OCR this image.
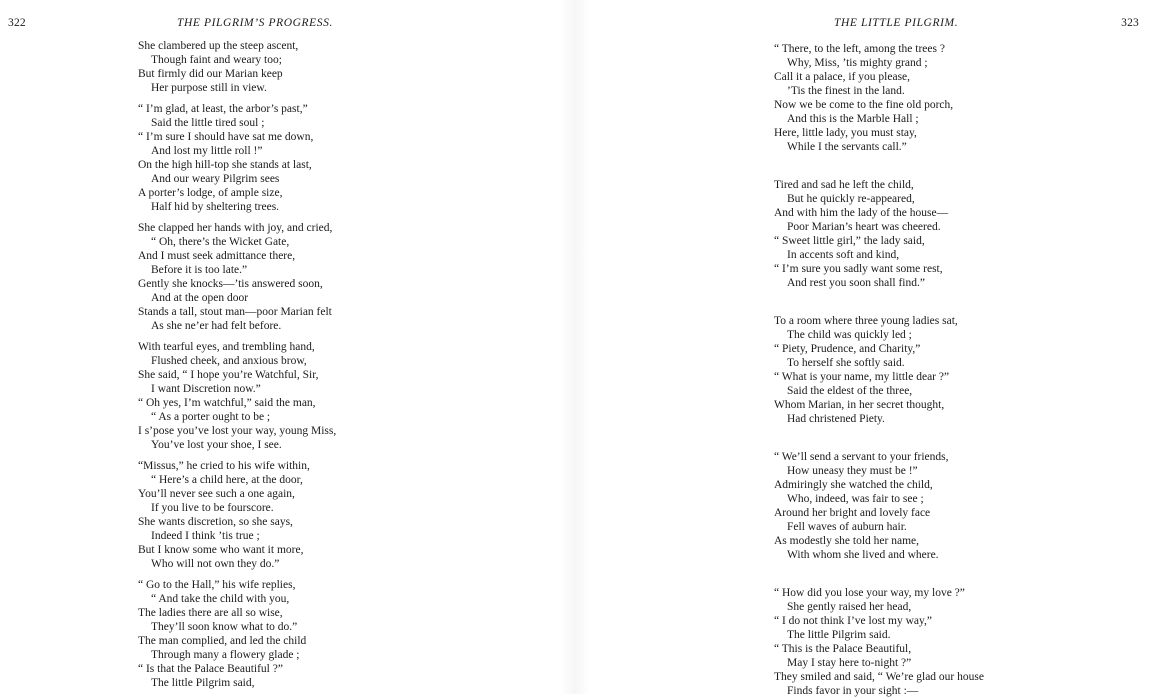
322	THE PILGRIM’S PROGRESS.
She clambered up the steep ascent,
Though faint and weary too;
But firmly did our Marian keep
Her purpose still in view.
“ I’m glad, at least, the arbor’s past,”
Said the little tired soul ;
“ I’m sure I should have sat me down,
And lost my little roll !”
On the high hill-top she stands at last,
And our weary Pilgrim sees
A porter’s lodge, of ample size,
Half hid by sheltering trees.
She clapped her hands with joy, and cried,
“ Oh, there’s the Wicket Gate,
And I must seek admittance there,
Before it is too late.”
Gently she knocks—’tis answered soon,
And at the open door
Stands a tall, stout man—poor Marian felt
As she ne’er had felt before.
With tearful eyes, and trembling hand,
Flushed cheek, and anxious brow,
She said, “ I hope you’re Watchful, Sir,
I want Discretion now.”
“ Oh yes, I’m watchful,” said the man,
“ As a porter ought to be ;
I s’pose you’ve lost your way, young Miss,
You’ve lost your shoe, I see.
“Missus,” he cried to his wife within,
“ Here’s a child here, at the door,
You’ll never see such a one again,
If you live to be fourscore.
She wants discretion, so she says,
Indeed I think ’tis true ;
But I know some who want it more,
Who will not own they do.”
“ Go to the Hall,” his wife replies,
“ And take the child with you,
The ladies there are all so wise,
They’ll soon know what to do.”
The man complied, and led the child
Through many a flowery glade ;
“ Is that the Palace Beautiful ?”
The little Pilgrim said,
323
THE LITTLE PILGRIM.
“ There, to the left, among the trees ?
Why, Miss, ’tis mighty grand ;
Call it a palace, if you please,
’Tis the finest in the land.
Now we be come to the fine old porch,
And this is the Marble Hall ;
Here, little lady, you must stay,
While I the servants call.”
Tired and sad he left the child,
But he quickly re-appeared,
And with him the lady of the house—
Poor Marian’s heart was cheered.
“ Sweet little girl,” the lady said,
In accents soft and kind,
“ I’m sure you sadly want some rest,
And rest you soon shall find.”
To a room where three young ladies sat,
The child was quickly led ;
“ Piety, Prudence, and Charity,”
To herself she softly said.
“ What is your name, my little dear ?”
Said the eldest of the three,
Whom Marian, in her secret thought,
Had christened Piety.
“ We’ll send a servant to your friends,
How uneasy they must be !”
Admiringly she watched the child,
Who, indeed, was fair to see ;
Around her bright and lovely face
Fell waves of auburn hair.
As modestly she told her name,
With whom she lived and where.
“ How did you lose your way, my love ?”
She gently raised her head,
“ I do not think I’ve lost my way,”
The little Pilgrim said.
“ This is the Palace Beautiful,
May I stay here to-night ?”
They smiled and said, “ We’re glad our house
Finds favor in your sight :—
